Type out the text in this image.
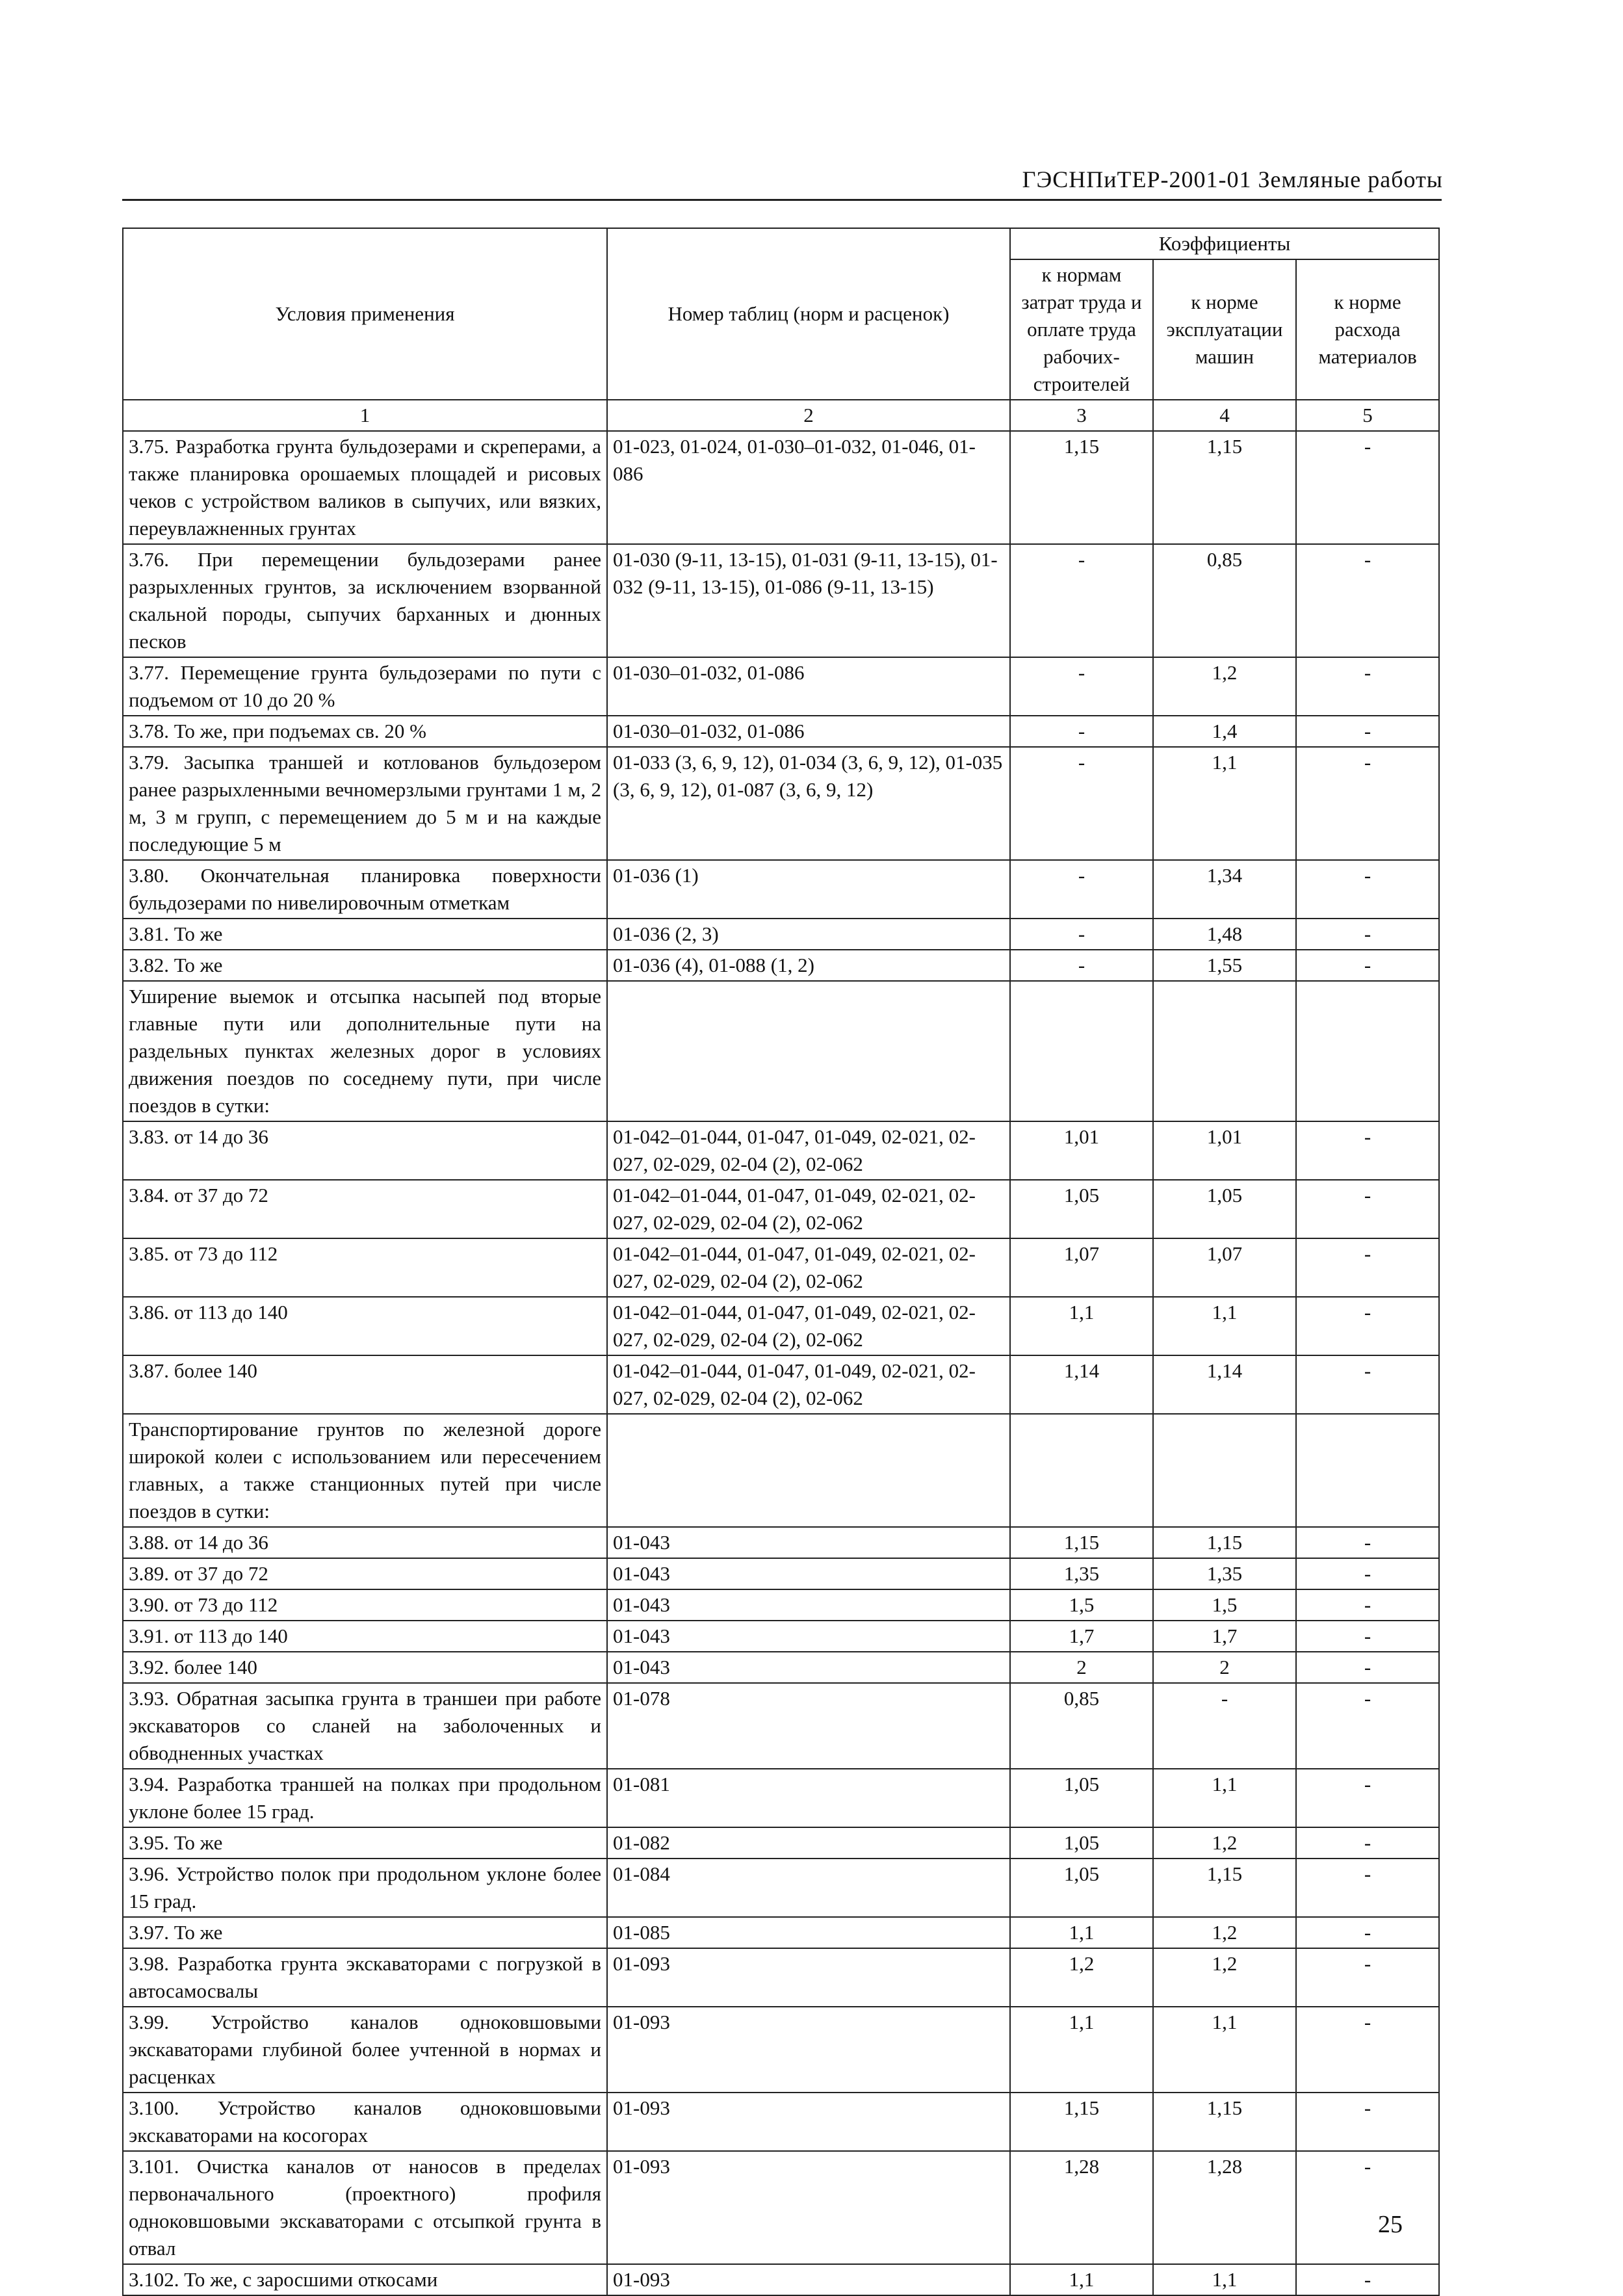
ГЭСНПиТЕР-2001-01 Земляные работы
Условия применения	Номер таблиц (норм и расценок)	Коэффициенты		
		к нормам затрат труда и оплате труда рабочих-строителей	к норме эксплуатации машин	к норме расхода материалов
1	2	3	4	5
3.75. Разработка грунта бульдозерами и скреперами, а также планировка орошаемых площадей и рисовых чеков с устройством валиков в сыпучих, или вязких, переувлажненных грунтах	01-023, 01-024, 01-030–01-032, 01-046, 01-086	1,15	1,15	-
3.76. При перемещении бульдозерами ранее разрыхленных грунтов, за исключением взорванной скальной породы, сыпучих барханных и дюнных песков	01-030 (9-11, 13-15), 01-031 (9-11, 13-15), 01-032 (9-11, 13-15), 01-086 (9-11, 13-15)	-	0,85	-
3.77. Перемещение грунта бульдозерами по пути с подъемом от 10 до 20 %	01-030–01-032, 01-086	-	1,2	-
3.78. То же, при подъемах св. 20 %	01-030–01-032, 01-086	-	1,4	-
3.79. Засыпка траншей и котлованов бульдозером ранее разрыхленными вечномерзлыми грунтами 1 м, 2 м, 3 м групп, с перемещением до 5 м и на каждые последующие 5 м	01-033 (3, 6, 9, 12), 01-034 (3, 6, 9, 12), 01-035 (3, 6, 9, 12), 01-087 (3, 6, 9, 12)	-	1,1	-
3.80. Окончательная планировка поверхности бульдозерами по нивелировочным отметкам	01-036 (1)	-	1,34	-
3.81. То же	01-036 (2, 3)	-	1,48	-
3.82. То же	01-036 (4), 01-088 (1, 2)	-	1,55	-
Уширение выемок и отсыпка насыпей под вторые главные пути или дополнительные пути на раздельных пунктах железных дорог в условиях движения поездов по соседнему пути, при числе поездов в сутки:				
3.83. от 14 до 36	01-042–01-044, 01-047, 01-049, 02-021, 02-027, 02-029, 02-04 (2), 02-062	1,01	1,01	-
3.84. от 37 до 72	01-042–01-044, 01-047, 01-049, 02-021, 02-027, 02-029, 02-04 (2), 02-062	1,05	1,05	-
3.85. от 73 до 112	01-042–01-044, 01-047, 01-049, 02-021, 02-027, 02-029, 02-04 (2), 02-062	1,07	1,07	-
3.86. от 113 до 140	01-042–01-044, 01-047, 01-049, 02-021, 02-027, 02-029, 02-04 (2), 02-062	1,1	1,1	-
3.87. более 140	01-042–01-044, 01-047, 01-049, 02-021, 02-027, 02-029, 02-04 (2), 02-062	1,14	1,14	-
Транспортирование грунтов по железной дороге широкой колеи с использованием или пересечением главных, а также станционных путей при числе поездов в сутки:				
3.88. от 14 до 36	01-043	1,15	1,15	-
3.89. от 37 до 72	01-043	1,35	1,35	-
3.90. от 73 до 112	01-043	1,5	1,5	-
3.91. от 113 до 140	01-043	1,7	1,7	-
3.92. более 140	01-043	2	2	-
3.93. Обратная засыпка грунта в траншеи при работе экскаваторов со сланей на заболоченных и обводненных участках	01-078	0,85	-	-
3.94. Разработка траншей на полках при продольном уклоне более 15 град.	01-081	1,05	1,1	-
3.95. То же	01-082	1,05	1,2	-
3.96. Устройство полок при продольном уклоне более 15 град.	01-084	1,05	1,15	-
3.97. То же	01-085	1,1	1,2	-
3.98. Разработка грунта экскаваторами с погрузкой в автосамосвалы	01-093	1,2	1,2	-
3.99. Устройство каналов одноковшовыми экскаваторами глубиной более учтенной в нормах и расценках	01-093	1,1	1,1	-
3.100. Устройство каналов одноковшовыми экскаваторами на косогорах	01-093	1,15	1,15	-
3.101. Очистка каналов от наносов в пределах первоначального (проектного) профиля одноковшовыми экскаваторами с отсыпкой грунта в отвал	01-093	1,28	1,28	-
3.102. То же, с заросшими откосами	01-093	1,1	1,1	-
25
